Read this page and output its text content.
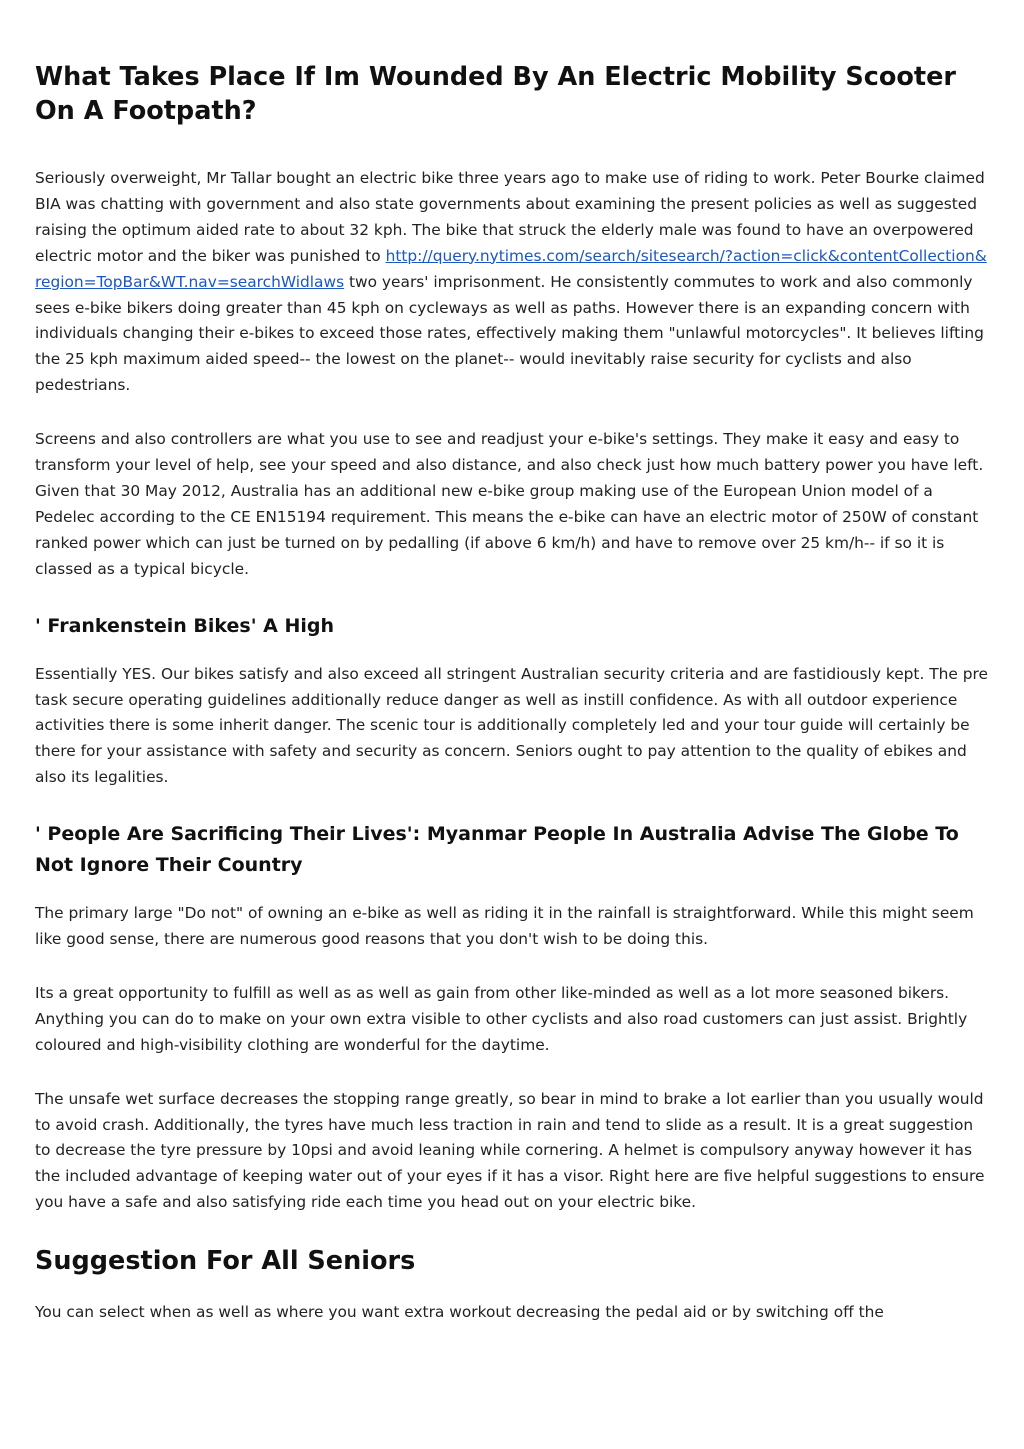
What Takes Place If Im Wounded By An Electric Mobility Scooter On A Footpath?

Seriously overweight, Mr Tallar bought an electric bike three years ago to make use of riding to work. Peter Bourke claimed BIA was chatting with government and also state governments about examining the present policies as well as suggested raising the optimum aided rate to about 32 kph. The bike that struck the elderly male was found to have an overpowered electric motor and the biker was punished to http://query.nytimes.com/search/sitesearch/?action=click&contentCollection&region=TopBar&WT.nav=searchWidlaws two years' imprisonment. He consistently commutes to work and also commonly sees e-bike bikers doing greater than 45 kph on cycleways as well as paths. However there is an expanding concern with individuals changing their e-bikes to exceed those rates, effectively making them "unlawful motorcycles". It believes lifting the 25 kph maximum aided speed-- the lowest on the planet-- would inevitably raise security for cyclists and also pedestrians.

Screens and also controllers are what you use to see and readjust your e-bike's settings. They make it easy and easy to transform your level of help, see your speed and also distance, and also check just how much battery power you have left. Given that 30 May 2012, Australia has an additional new e-bike group making use of the European Union model of a Pedelec according to the CE EN15194 requirement. This means the e-bike can have an electric motor of 250W of constant ranked power which can just be turned on by pedalling (if above 6 km/h) and have to remove over 25 km/h-- if so it is classed as a typical bicycle.

' Frankenstein Bikes' A High

Essentially YES. Our bikes satisfy and also exceed all stringent Australian security criteria and are fastidiously kept. The pre task secure operating guidelines additionally reduce danger as well as instill confidence. As with all outdoor experience activities there is some inherit danger. The scenic tour is additionally completely led and your tour guide will certainly be there for your assistance with safety and security as concern. Seniors ought to pay attention to the quality of ebikes and also its legalities.

' People Are Sacrificing Their Lives': Myanmar People In Australia Advise The Globe To Not Ignore Their Country

The primary large "Do not" of owning an e-bike as well as riding it in the rainfall is straightforward. While this might seem like good sense, there are numerous good reasons that you don't wish to be doing this.

Its a great opportunity to fulfill as well as as well as gain from other like-minded as well as a lot more seasoned bikers. Anything you can do to make on your own extra visible to other cyclists and also road customers can just assist. Brightly coloured and high-visibility clothing are wonderful for the daytime.

The unsafe wet surface decreases the stopping range greatly, so bear in mind to brake a lot earlier than you usually would to avoid crash. Additionally, the tyres have much less traction in rain and tend to slide as a result. It is a great suggestion to decrease the tyre pressure by 10psi and avoid leaning while cornering. A helmet is compulsory anyway however it has the included advantage of keeping water out of your eyes if it has a visor. Right here are five helpful suggestions to ensure you have a safe and also satisfying ride each time you head out on your electric bike.

Suggestion For All Seniors

You can select when as well as where you want extra workout decreasing the pedal aid or by switching off the
